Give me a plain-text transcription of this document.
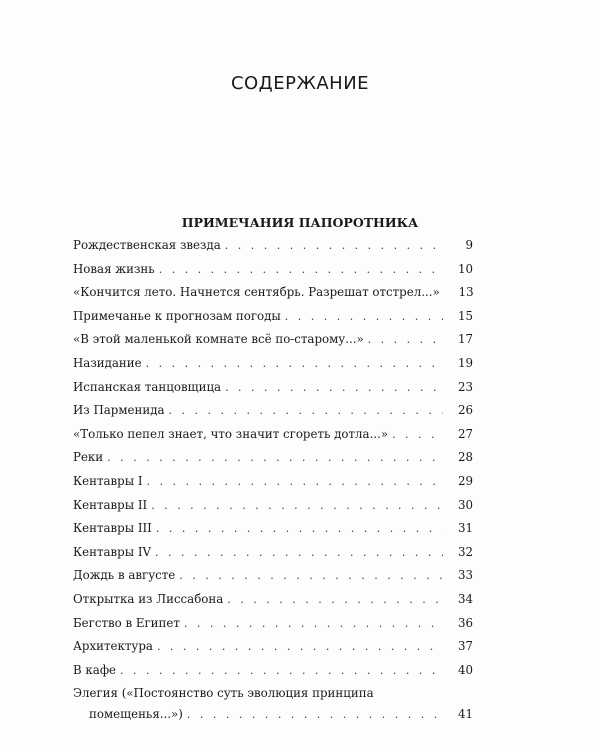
СОДЕРЖАНИЕ
ПРИМЕЧАНИЯ ПАПОРОТНИКА
Рождественская звезда . . .	9
Новая жизнь . . .	10
«Кончится лето. Начнется сентябрь. Разрешат отстрел...»	13
Примечанье к прогнозам погоды . . .	15
«В этой маленькой комнате всё по-старому...» . . .	17
Назидание . . .	19
Испанская танцовщица . . .	23
Из Парменида . . .	26
«Только пепел знает, что значит сгореть дотла...» . . .	27
Реки . . .	28
Кентавры I . . .	29
Кентавры II . . .	30
Кентавры III . . .	31
Кентавры IV . . .	32
Дождь в августе . . .	33
Открытка из Лиссабона . . .	34
Бегство в Египет . . .	36
Архитектура . . .	37
В кафе . . .	40
Элегия («Постоянство суть эволюция принципа
помещенья...») . . .	41
